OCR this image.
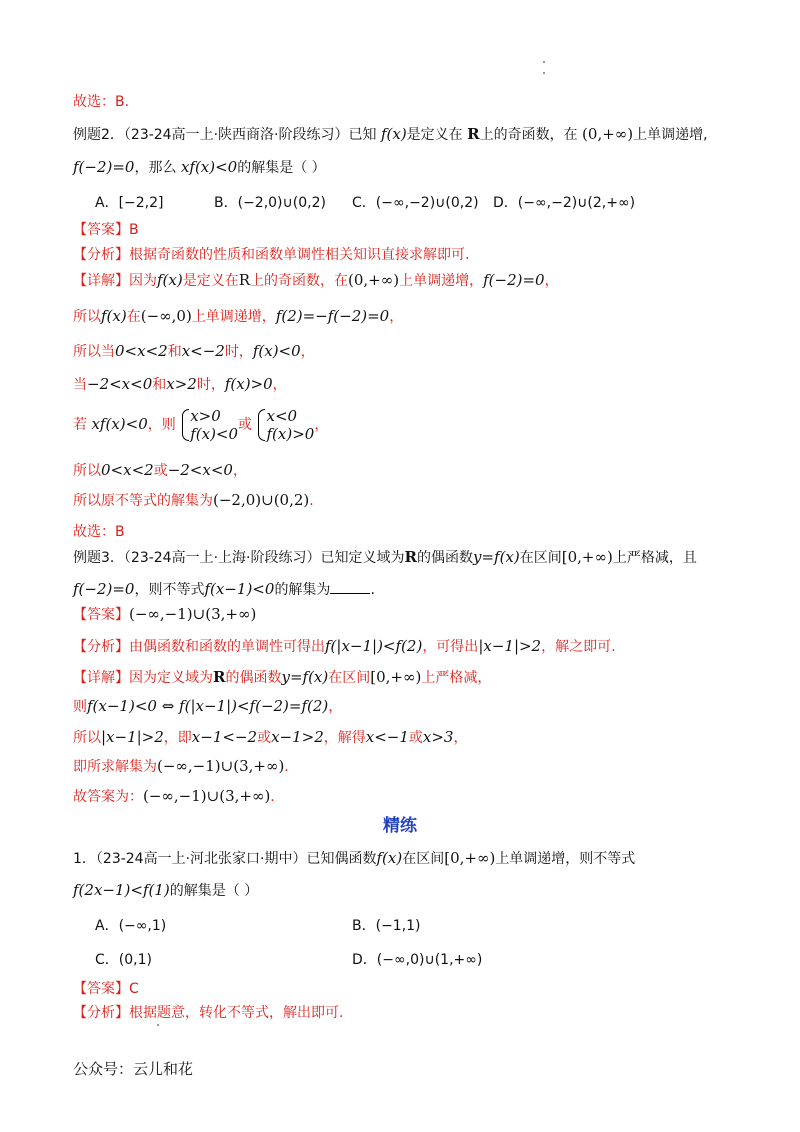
故选：B.
例题2．（23-24高一上·陕西商洛·阶段练习）已知 f(x)是定义在 R上的奇函数，在 (0,+∞)上单调递增,
f(−2)=0，那么 xf(x)<0的解集是（ ）
A．[−2,2]	B．(−2,0)∪(0,2) C．(−∞,−2)∪(0,2) D．(−∞,−2)∪(2,+∞)
【答案】B
【分析】根据奇函数的性质和函数单调性相关知识直接求解即可.
【详解】因为f(x)是定义在R上的奇函数，在(0,+∞)上单调递增，f(−2)=0，
所以f(x)在(−∞,0)上单调递增，f(2)=−f(−2)=0，
所以当0<x<2和x<−2时，f(x)<0，
当−2<x<0和x>2时，f(x)>0，
若 xf(x)<0，则 x>0
f(x)<0 或 x<0
f(x)>0 ，
所以0<x<2或−2<x<0，
所以原不等式的解集为(−2,0)∪(0,2).
故选：B
例题3．（23-24高一上·上海·阶段练习）已知定义域为R的偶函数y=f(x)在区间[0,+∞)上严格减，且
f(−2)=0，则不等式f(x−1)<0的解集为	.
【答案】(−∞,−1)∪(3,+∞)
【分析】由偶函数和函数的单调性可得出f(|x−1|)<f(2)，可得出|x−1|>2，解之即可.
【详解】因为定义域为R的偶函数y=f(x)在区间[0,+∞)上严格减，
则f(x−1)<0 ⇔ f(|x−1|)<f(−2)=f(2)，
所以|x−1|>2，即x−1<−2或x−1>2，解得x<−1或x>3，
即所求解集为(−∞,−1)∪(3,+∞).
故答案为：(−∞,−1)∪(3,+∞).
精练
1．（23-24高一上·河北张家口·期中）已知偶函数f(x)在区间[0,+∞)上单调递增，则不等式
f(2x−1)<f(1)的解集是（ ）
A．(−∞,1)	B．(−1,1)
C．(0,1)	D．(−∞,0)∪(1,+∞)
【答案】C
【分析】根据题意，转化不等式，解出即可.
公众号：云儿和花
